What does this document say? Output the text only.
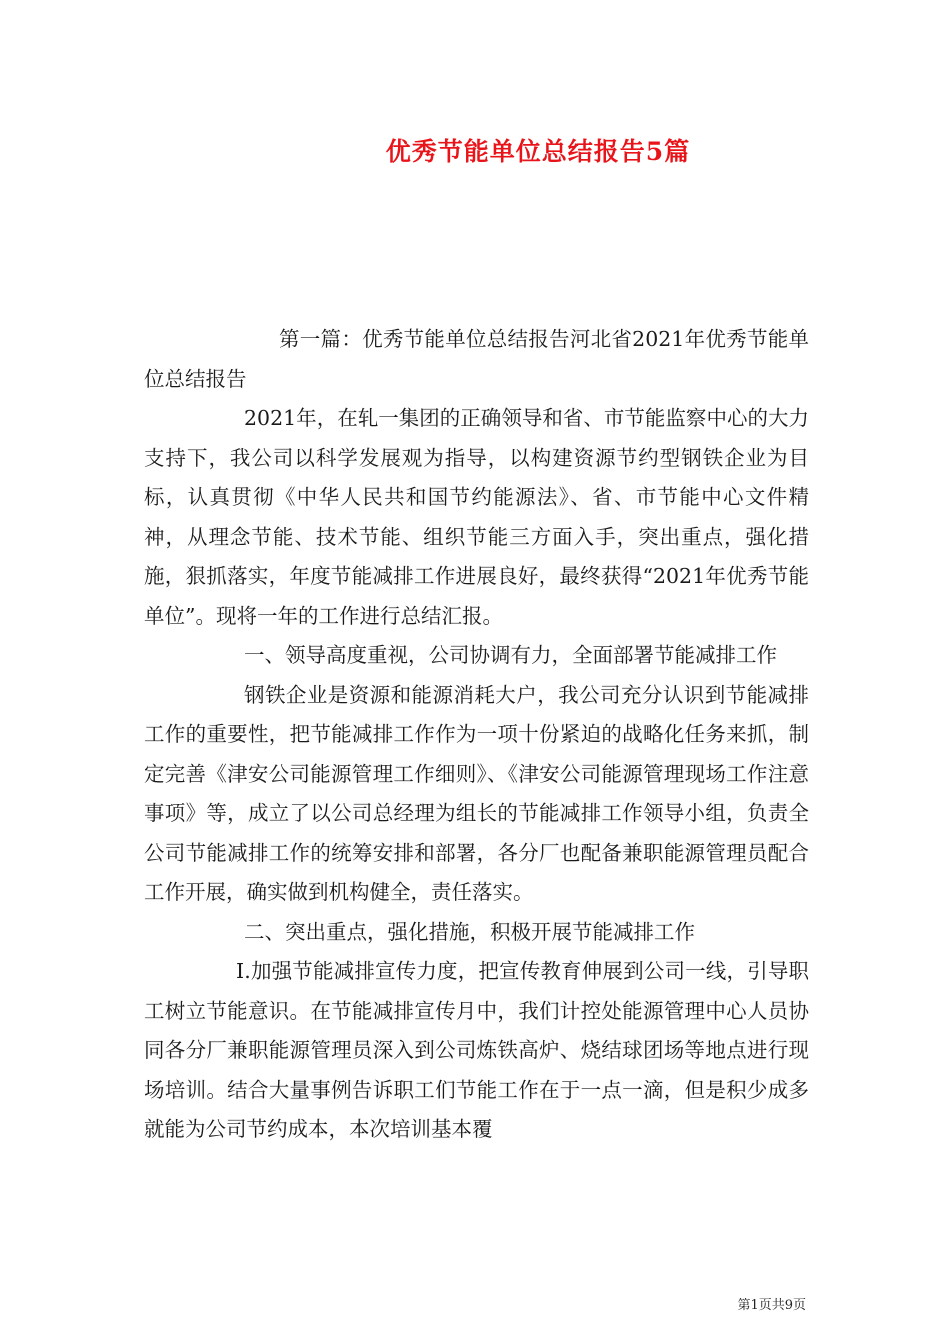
优秀节能单位总结报告5篇

第一篇：优秀节能单位总结报告河北省2021年优秀节能单位总结报告

2021年，在轧一集团的正确领导和省、市节能监察中心的大力支持下，我公司以科学发展观为指导，以构建资源节约型钢铁企业为目标，认真贯彻《中华人民共和国节约能源法》、省、市节能中心文件精神，从理念节能、技术节能、组织节能三方面入手，突出重点，强化措施，狠抓落实，年度节能减排工作进展良好，最终获得“2021年优秀节能单位”。现将一年的工作进行总结汇报。

一、领导高度重视，公司协调有力，全面部署节能减排工作

钢铁企业是资源和能源消耗大户，我公司充分认识到节能减排工作的重要性，把节能减排工作作为一项十份紧迫的战略化任务来抓，制定完善《津安公司能源管理工作细则》、《津安公司能源管理现场工作注意事项》等，成立了以公司总经理为组长的节能减排工作领导小组，负责全公司节能减排工作的统筹安排和部署，各分厂也配备兼职能源管理员配合工作开展，确实做到机构健全，责任落实。

二、突出重点，强化措施，积极开展节能减排工作

Ⅰ.加强节能减排宣传力度，把宣传教育伸展到公司一线，引导职工树立节能意识。在节能减排宣传月中，我们计控处能源管理中心人员协同各分厂兼职能源管理员深入到公司炼铁高炉、烧结球团场等地点进行现场培训。结合大量事例告诉职工们节能工作在于一点一滴，但是积少成多就能为公司节约成本，本次培训基本覆

第1页共9页
